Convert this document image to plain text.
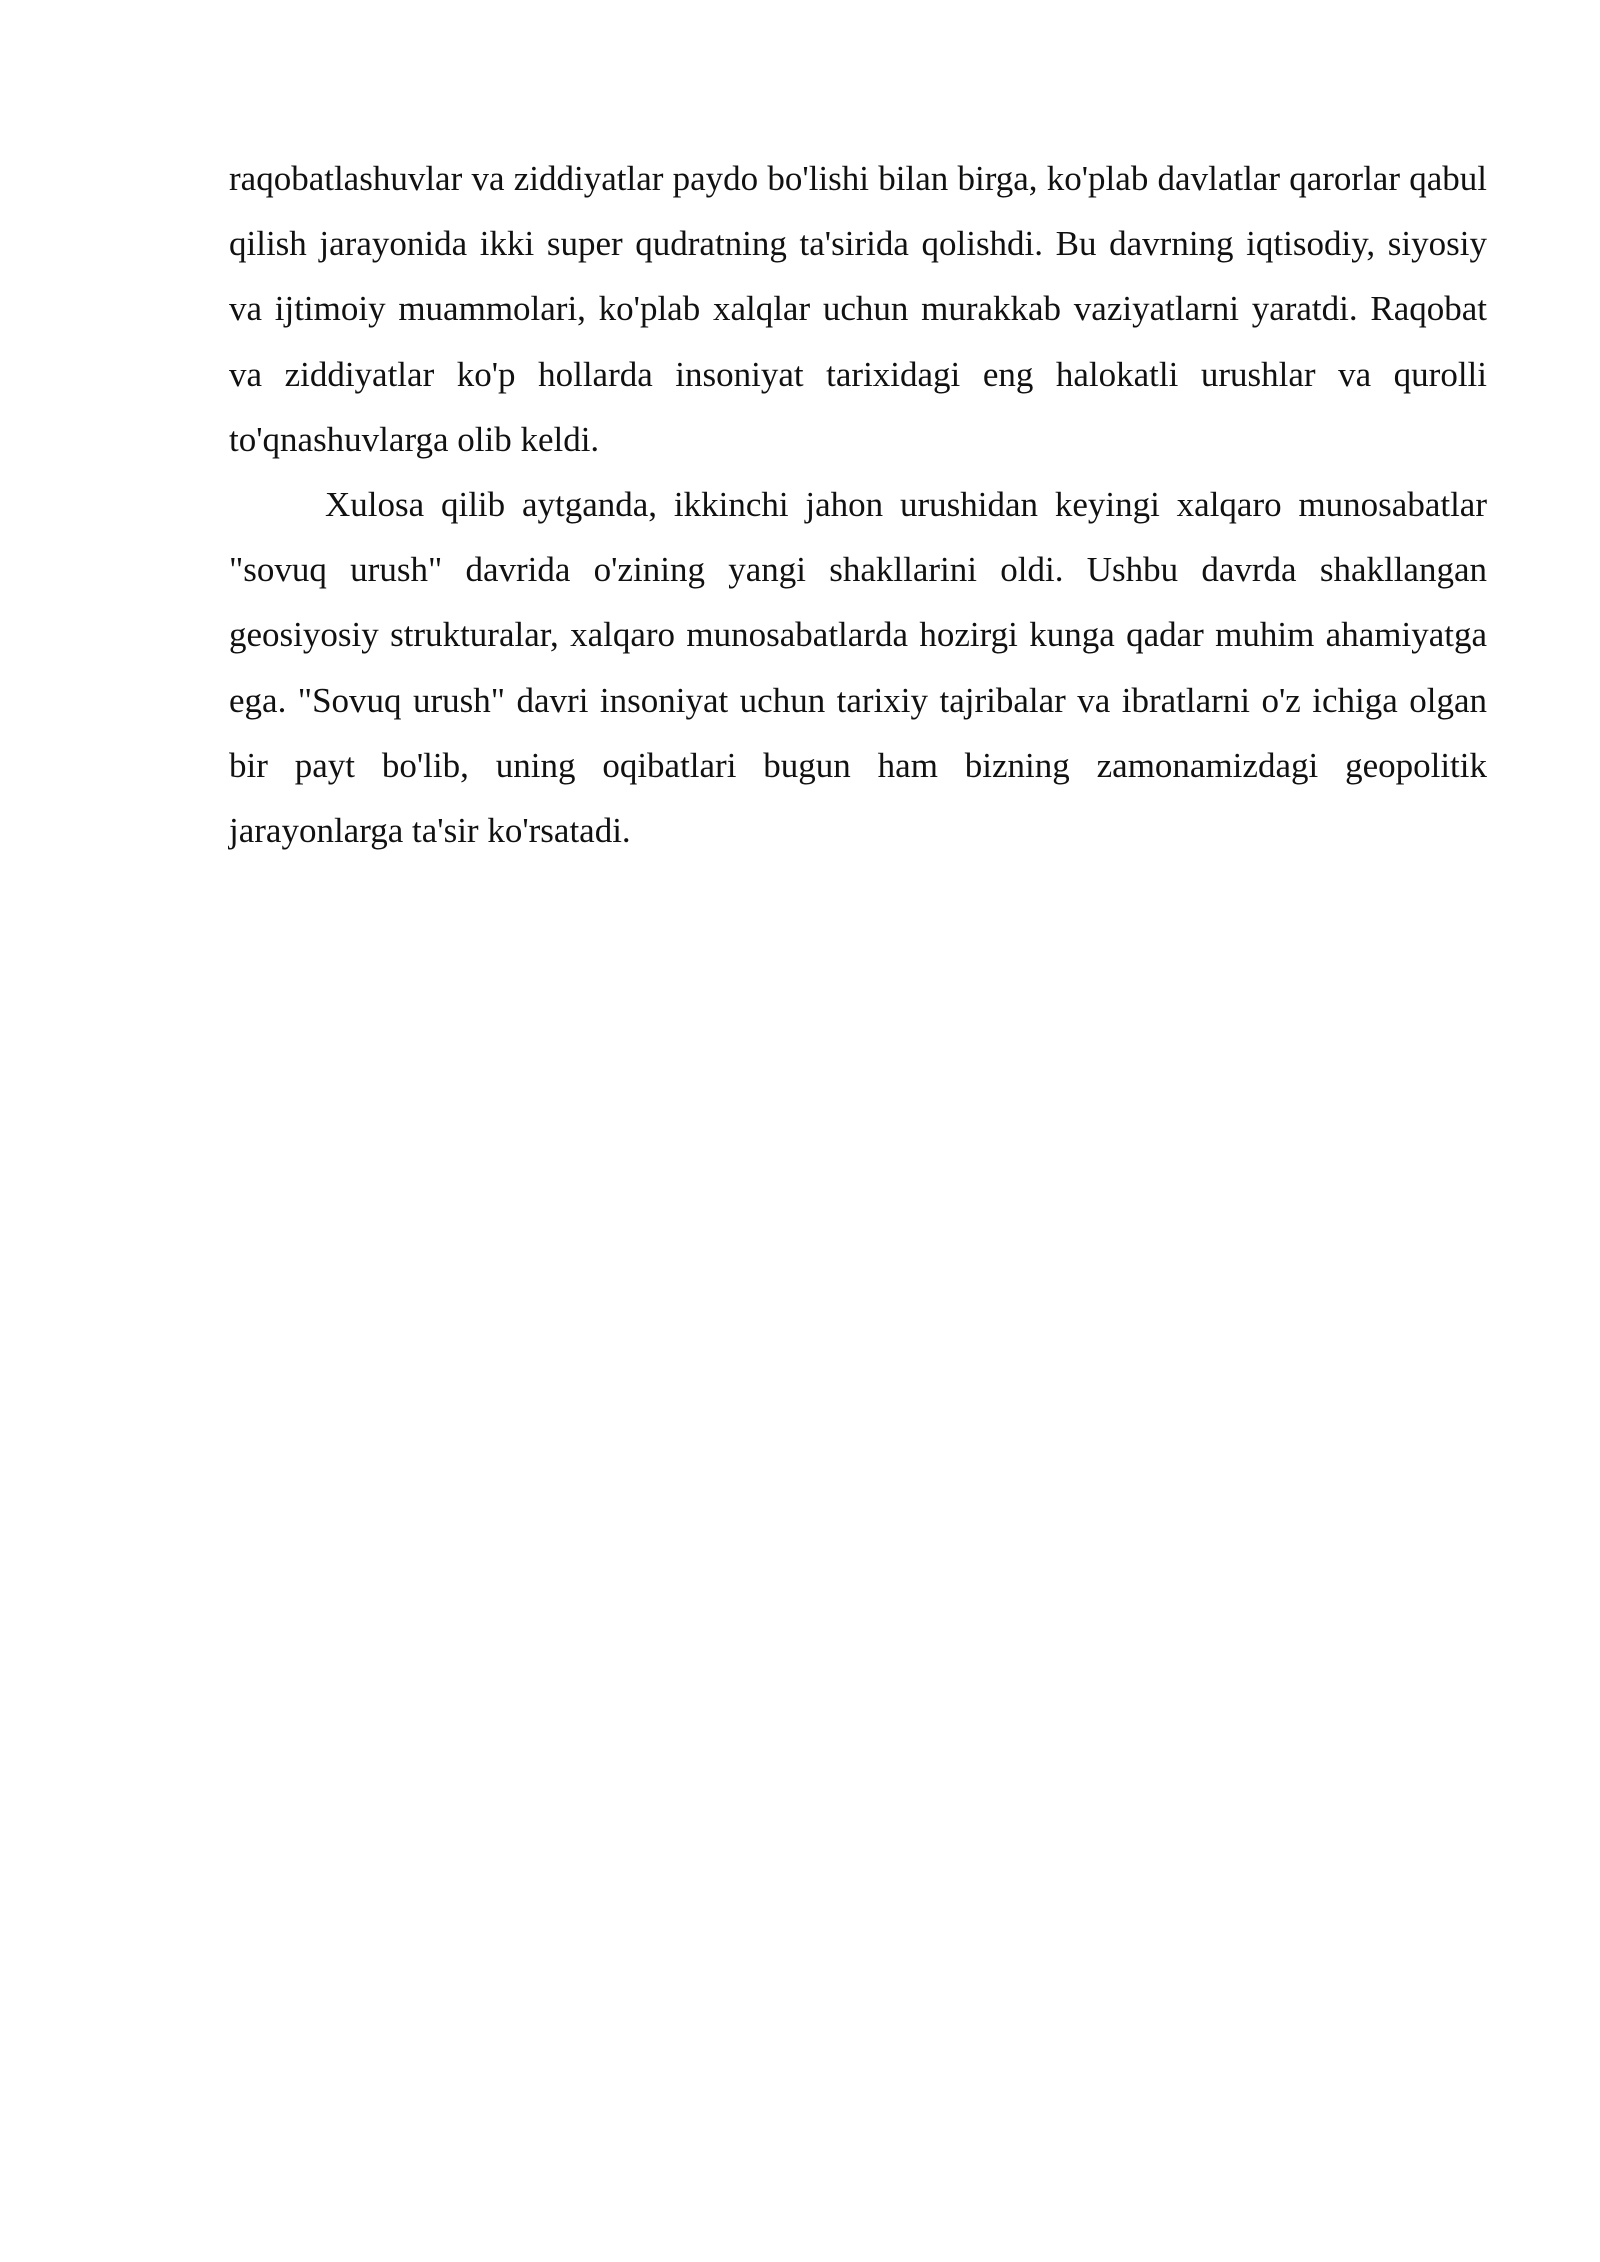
raqobatlashuvlar va ziddiyatlar paydo bo'lishi bilan birga, ko'plab davlatlar qarorlar qabul qilish jarayonida ikki super qudratning ta'sirida qolishdi. Bu davrning iqtisodiy, siyosiy va ijtimoiy muammolari, ko'plab xalqlar uchun murakkab vaziyatlarni yaratdi. Raqobat va ziddiyatlar ko'p hollarda insoniyat tarixidagi eng halokatli urushlar va qurolli to'qnashuvlarga olib keldi.

Xulosa qilib aytganda, ikkinchi jahon urushidan keyingi xalqaro munosabatlar "sovuq urush" davrida o'zining yangi shakllarini oldi. Ushbu davrda shakllangan geosiyosiy strukturalar, xalqaro munosabatlarda hozirgi kunga qadar muhim ahamiyatga ega. "Sovuq urush" davri insoniyat uchun tarixiy tajribalar va ibratlarni o'z ichiga olgan bir payt bo'lib, uning oqibatlari bugun ham bizning zamonamizdagi geopolitik jarayonlarga ta'sir ko'rsatadi.
